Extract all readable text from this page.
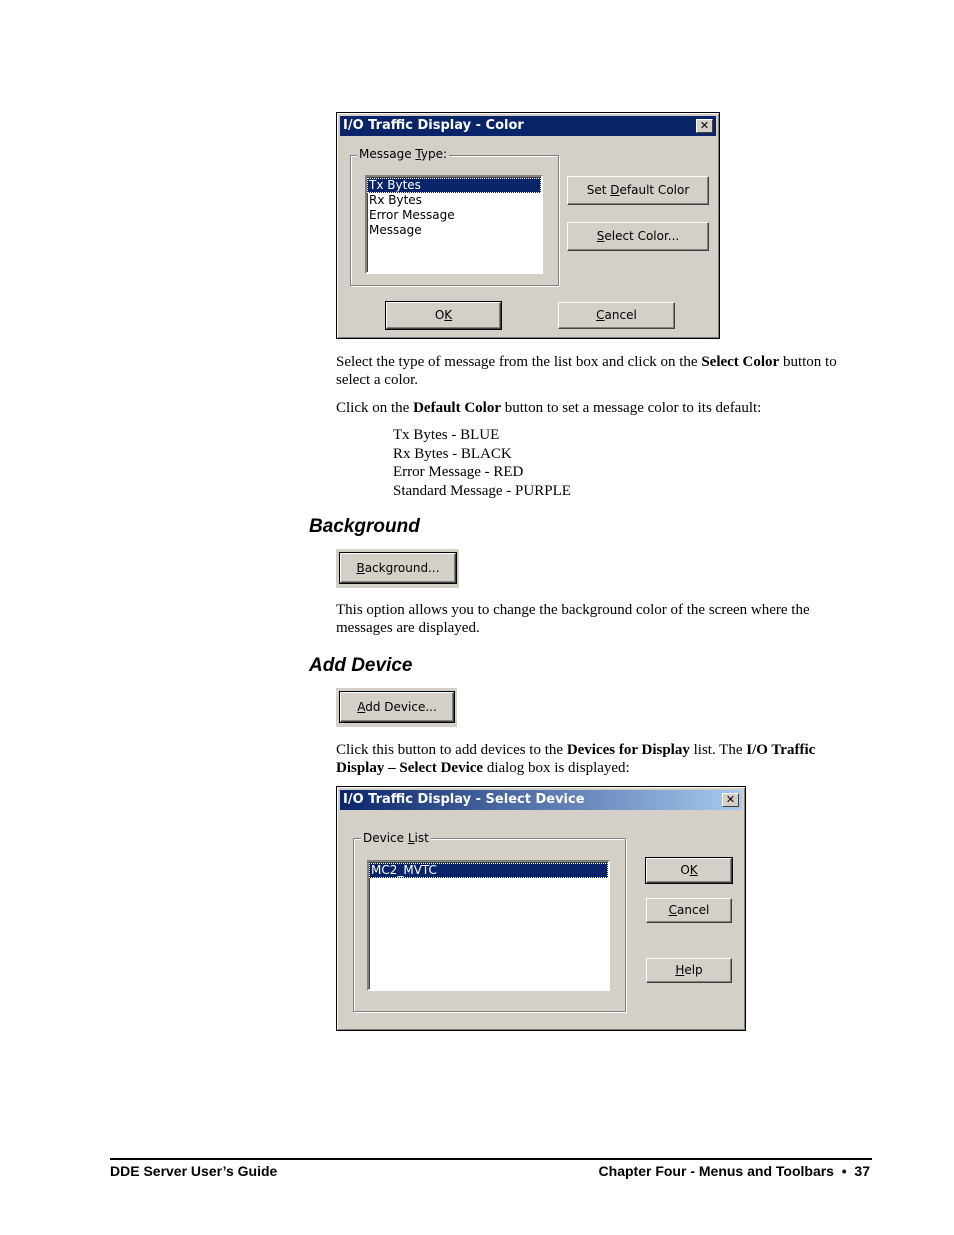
I/O Traffic Display - Color	✕
Message Type:
Tx Bytes
Rx Bytes
Error Message
Message
Set Default Color
Select Color...
OK	Cancel
Select the type of message from the list box and click on the Select Color button to select a color.
Click on the Default Color button to set a message color to its default:
Tx Bytes - BLUE
Rx Bytes - BLACK
Error Message - RED
Standard Message - PURPLE
Background
Background...
This option allows you to change the background color of the screen where the messages are displayed.
Add Device
Add Device...
Click this button to add devices to the Devices for Display list. The I/O Traffic Display – Select Device dialog box is displayed:
I/O Traffic Display - Select Device	✕
Device List
MC2_MVTC	OK
Cancel
Help
DDE Server User’s Guide	Chapter Four - Menus and Toolbars  •  37
